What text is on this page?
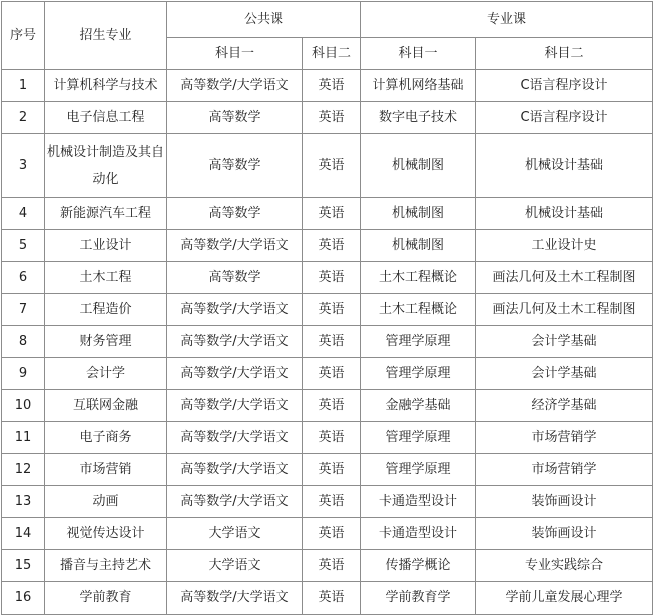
序号	招生专业	公共课		专业课	
		科目一	科目二	科目一	科目二
1	计算机科学与技术	高等数学/大学语文	英语	计算机网络基础	C语言程序设计
2	电子信息工程	高等数学	英语	数字电子技术	C语言程序设计
3	机械设计制造及其自动化	高等数学	英语	机械制图	机械设计基础
4	新能源汽车工程	高等数学	英语	机械制图	机械设计基础
5	工业设计	高等数学/大学语文	英语	机械制图	工业设计史
6	土木工程	高等数学	英语	土木工程概论	画法几何及土木工程制图
7	工程造价	高等数学/大学语文	英语	土木工程概论	画法几何及土木工程制图
8	财务管理	高等数学/大学语文	英语	管理学原理	会计学基础
9	会计学	高等数学/大学语文	英语	管理学原理	会计学基础
10	互联网金融	高等数学/大学语文	英语	金融学基础	经济学基础
11	电子商务	高等数学/大学语文	英语	管理学原理	市场营销学
12	市场营销	高等数学/大学语文	英语	管理学原理	市场营销学
13	动画	高等数学/大学语文	英语	卡通造型设计	装饰画设计
14	视觉传达设计	大学语文	英语	卡通造型设计	装饰画设计
15	播音与主持艺术	大学语文	英语	传播学概论	专业实践综合
16	学前教育	高等数学/大学语文	英语	学前教育学	学前儿童发展心理学
